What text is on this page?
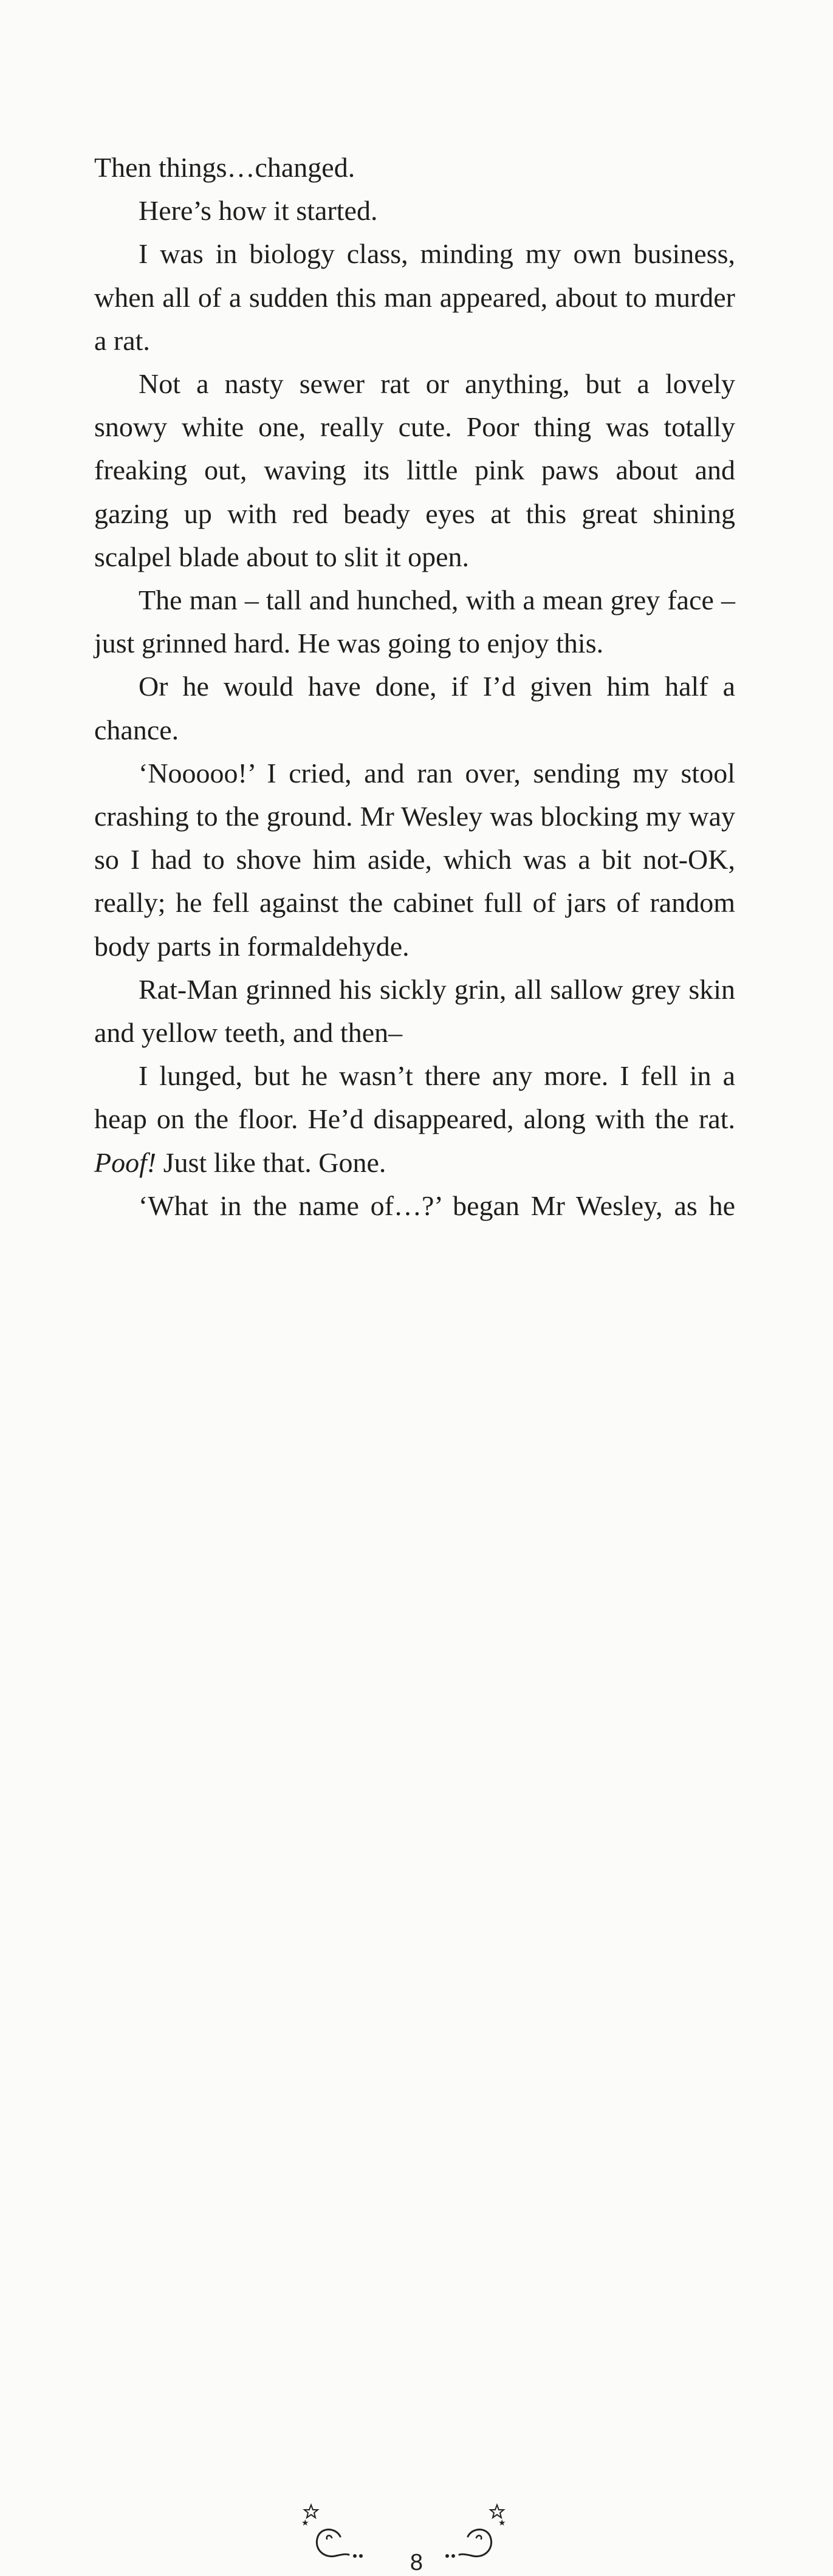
Then things…changed.

Here’s how it started.

I was in biology class, minding my own business, when all of a sudden this man appeared, about to murder a rat.

Not a nasty sewer rat or anything, but a lovely snowy white one, really cute. Poor thing was totally freaking out, waving its little pink paws about and gazing up with red beady eyes at this great shining scalpel blade about to slit it open.

The man – tall and hunched, with a mean grey face – just grinned hard. He was going to enjoy this.

Or he would have done, if I’d given him half a chance.

‘Nooooo!’ I cried, and ran over, sending my stool crashing to the ground. Mr Wesley was blocking my way so I had to shove him aside, which was a bit not-OK, really; he fell against the cabinet full of jars of random body parts in formaldehyde.

Rat-Man grinned his sickly grin, all sallow grey skin and yellow teeth, and then–

I lunged, but he wasn’t there any more. I fell in a heap on the floor. He’d disappeared, along with the rat. Poof! Just like that. Gone.

‘What in the name of…?’ began Mr Wesley, as he

★
8
★
